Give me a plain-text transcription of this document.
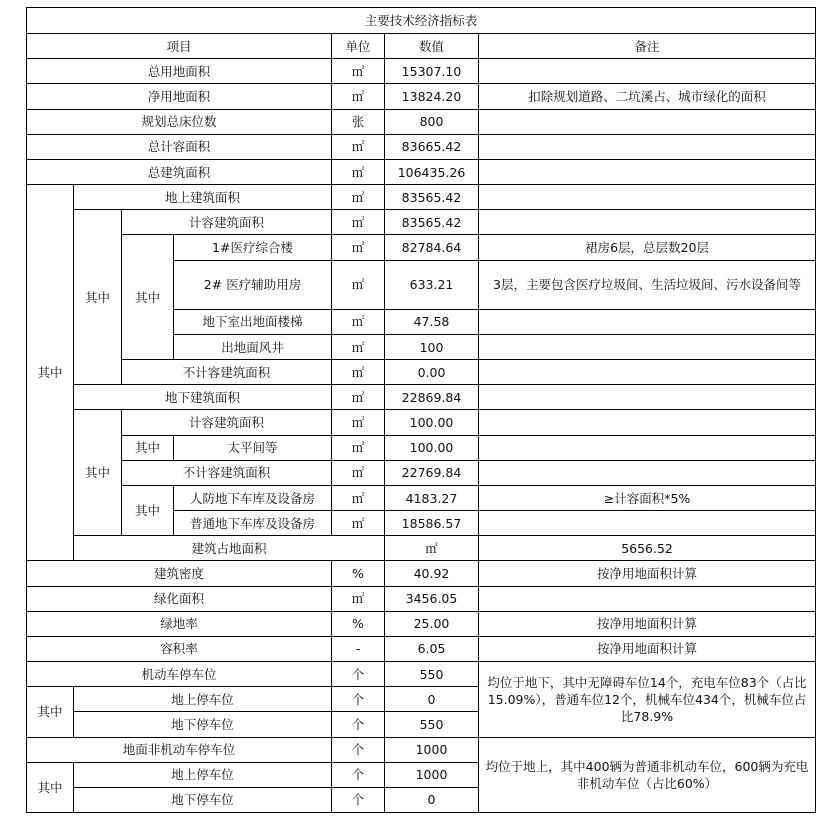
主要技术经济指标表							
项目				单位	数值	备注	
总用地面积				㎡	15307.10		
净用地面积				㎡	13824.20	扣除规划道路、二坑溪占、城市绿化的面积	
规划总床位数				张	800		
总计容面积				㎡	83665.42		
总建筑面积				㎡	106435.26		
其中	地上建筑面积			㎡	83565.42		
	其中	计容建筑面积		㎡	83565.42		
		其中	1#医疗综合楼	㎡	82784.64	裙房6层，总层数20层	
			2# 医疗辅助用房	㎡	633.21	3层，主要包含医疗垃圾间、生活垃圾间、污水设备间等	
			地下室出地面楼梯	㎡	47.58		
			出地面风井	㎡	100		
		不计容建筑面积		㎡	0.00		
	地下建筑面积			㎡	22869.84		
	其中	计容建筑面积		㎡	100.00		
		其中	太平间等	㎡	100.00		
		不计容建筑面积		㎡	22769.84		
		其中	人防地下车库及设备房	㎡	4183.27	≥计容面积*5%	
			普通地下车库及设备房	㎡	18586.57		
	建筑占地面积				㎡	5656.52	
建筑密度				%	40.92	按净用地面积计算	
绿化面积				㎡	3456.05		
绿地率				%	25.00	按净用地面积计算	
容积率				-	6.05	按净用地面积计算	
机动车停车位				个	550	均位于地下，其中无障碍车位14个，充电车位83个（占比15.09%），普通车位12个，机械车位434个，机械车位占比78.9%	
其中	地上停车位			个	0		
	地下停车位			个	550		
地面非机动车停车位				个	1000	均位于地上，其中400辆为普通非机动车位，600辆为充电非机动车位（占比60%）	
其中	地上停车位			个	1000		
	地下停车位			个	0		
